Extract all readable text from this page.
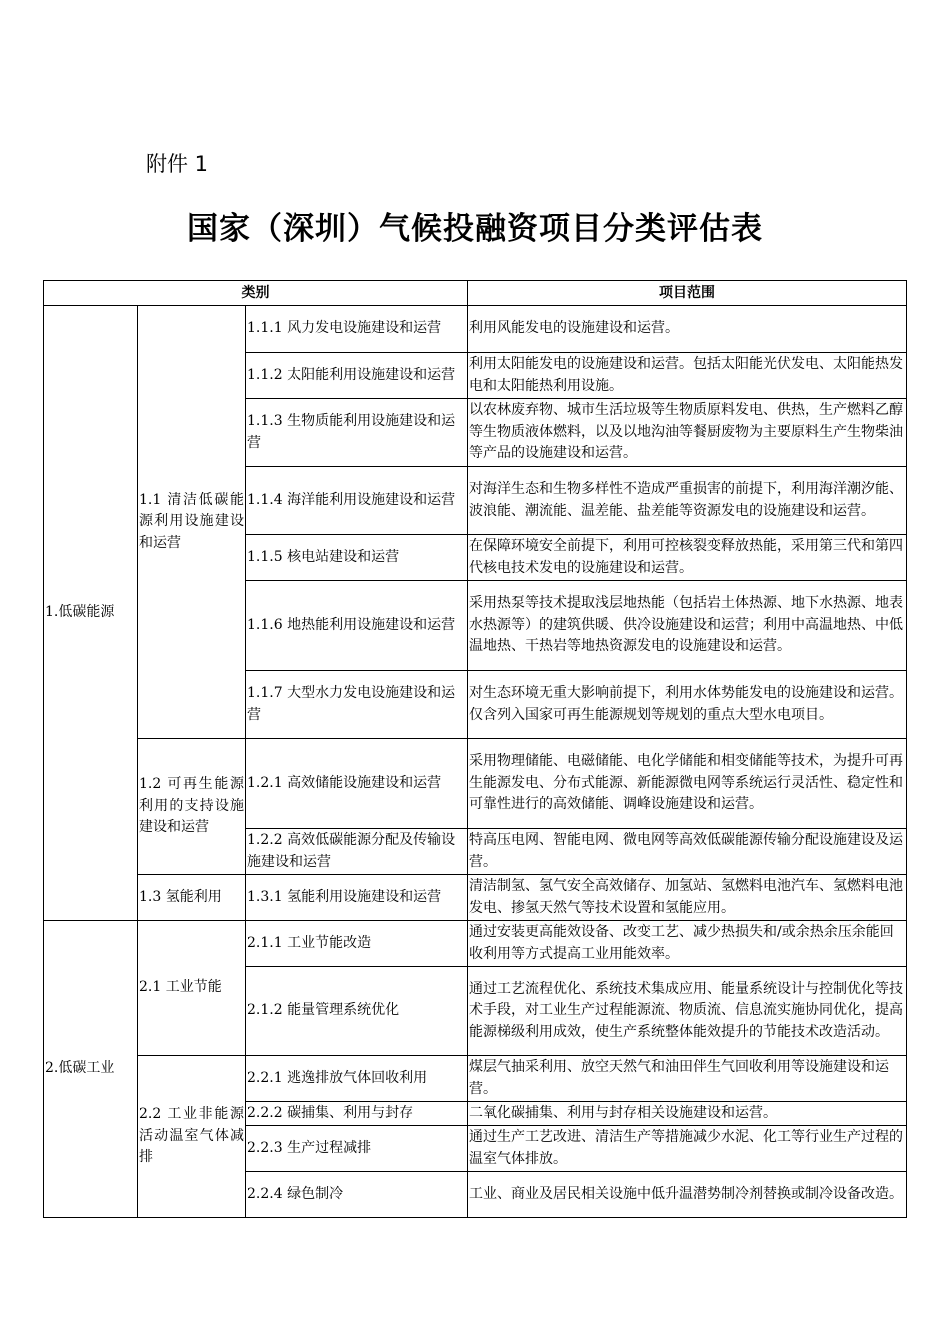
附件 1
国家（深圳）气候投融资项目分类评估表
类别			项目范围
1.低碳能源	1.1 清洁低碳能源利用设施建设和运营	1.1.1 风力发电设施建设和运营	利用风能发电的设施建设和运营。
		1.1.2 太阳能利用设施建设和运营	利用太阳能发电的设施建设和运营。包括太阳能光伏发电、太阳能热发电和太阳能热利用设施。
		1.1.3 生物质能利用设施建设和运营	以农林废弃物、城市生活垃圾等生物质原料发电、供热，生产燃料乙醇等生物质液体燃料，以及以地沟油等餐厨废物为主要原料生产生物柴油等产品的设施建设和运营。
		1.1.4 海洋能利用设施建设和运营	对海洋生态和生物多样性不造成严重损害的前提下，利用海洋潮汐能、波浪能、潮流能、温差能、盐差能等资源发电的设施建设和运营。
		1.1.5 核电站建设和运营	在保障环境安全前提下，利用可控核裂变释放热能，采用第三代和第四代核电技术发电的设施建设和运营。
		1.1.6 地热能利用设施建设和运营	采用热泵等技术提取浅层地热能（包括岩土体热源、地下水热源、地表水热源等）的建筑供暖、供冷设施建设和运营；利用中高温地热、中低温地热、干热岩等地热资源发电的设施建设和运营。
		1.1.7 大型水力发电设施建设和运营	对生态环境无重大影响前提下，利用水体势能发电的设施建设和运营。仅含列入国家可再生能源规划等规划的重点大型水电项目。
	1.2 可再生能源利用的支持设施建设和运营	1.2.1 高效储能设施建设和运营	采用物理储能、电磁储能、电化学储能和相变储能等技术，为提升可再生能源发电、分布式能源、新能源微电网等系统运行灵活性、稳定性和可靠性进行的高效储能、调峰设施建设和运营。
		1.2.2 高效低碳能源分配及传输设施建设和运营	特高压电网、智能电网、微电网等高效低碳能源传输分配设施建设及运营。
	1.3 氢能利用	1.3.1 氢能利用设施建设和运营	清洁制氢、氢气安全高效储存、加氢站、氢燃料电池汽车、氢燃料电池发电、掺氢天然气等技术设置和氢能应用。
2.低碳工业	2.1 工业节能	2.1.1 工业节能改造	通过安装更高能效设备、改变工艺、减少热损失和/或余热余压余能回收利用等方式提高工业用能效率。
		2.1.2 能量管理系统优化	通过工艺流程优化、系统技术集成应用、能量系统设计与控制优化等技术手段，对工业生产过程能源流、物质流、信息流实施协同优化，提高能源梯级利用成效，使生产系统整体能效提升的节能技术改造活动。
	2.2 工业非能源活动温室气体减排	2.2.1 逃逸排放气体回收利用	煤层气抽采利用、放空天然气和油田伴生气回收利用等设施建设和运营。
		2.2.2 碳捕集、利用与封存	二氧化碳捕集、利用与封存相关设施建设和运营。
		2.2.3 生产过程减排	通过生产工艺改进、清洁生产等措施减少水泥、化工等行业生产过程的温室气体排放。
		2.2.4 绿色制冷	工业、商业及居民相关设施中低升温潜势制冷剂替换或制冷设备改造。
